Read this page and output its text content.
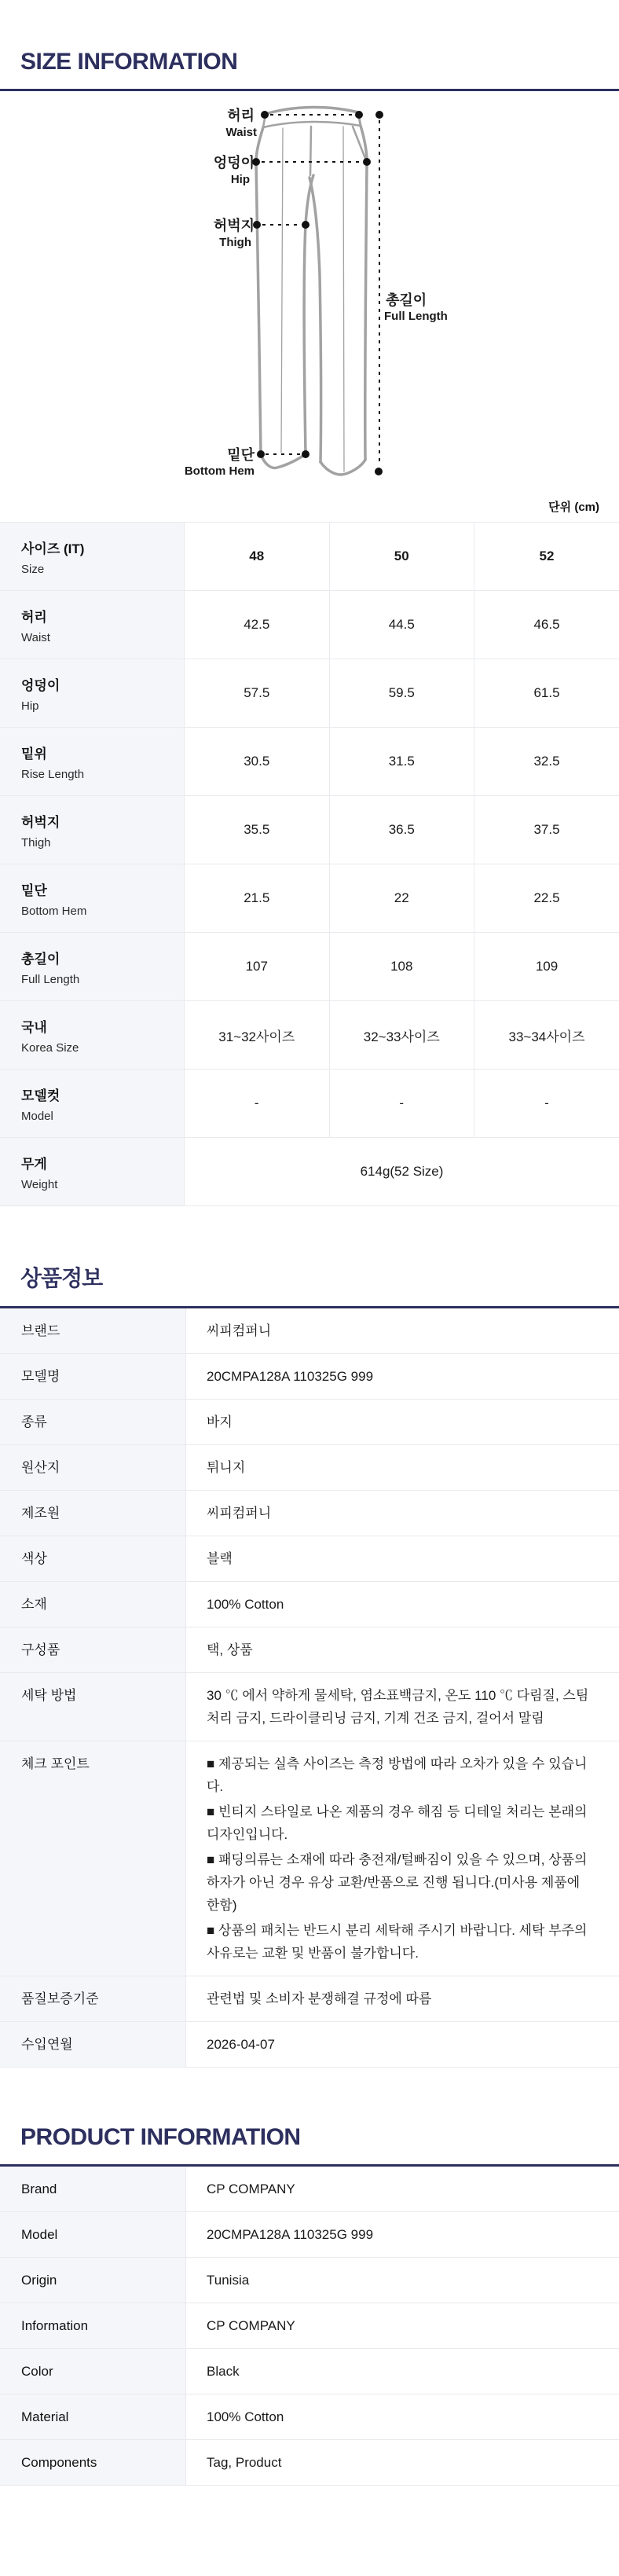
SIZE INFORMATION
허리
Waist
엉덩이
Hip
허벅지
Thigh
밑단
Bottom Hem
총길이
Full Length
단위 (cm)
사이즈 (IT)
Size	48	50	52

허리
Waist	42.5	44.5	46.5

엉덩이
Hip	57.5	59.5	61.5

밑위
Rise Length	30.5	31.5	32.5

허벅지
Thigh	35.5	36.5	37.5

밑단
Bottom Hem	21.5	22	22.5

총길이
Full Length	107	108	109

국내
Korea Size	31~32사이즈	32~33사이즈	33~34사이즈

모델컷
Model	-	-	-

무게
Weight	614g(52 Size)		
상품정보
브랜드	씨피컴퍼니
모델명	20CMPA128A 110325G 999
종류	바지
원산지	튀니지
제조원	씨피컴퍼니
색상	블랙
소재	100% Cotton
구성품	택, 상품
세탁 방법	30 ℃ 에서 약하게 물세탁, 염소표백금지, 온도 110 ℃ 다림질, 스팀처리 금지, 드라이클리닝 금지, 기계 건조 금지, 걸어서 말림
체크 포인트	■ 제공되는 실측 사이즈는 측정 방법에 따라 오차가 있을 수 있습니다.
■ 빈티지 스타일로 나온 제품의 경우 해짐 등 디테일 처리는 본래의 디자인입니다.
■ 패딩의류는 소재에 따라 충전재/털빠짐이 있을 수 있으며, 상품의 하자가 아닌 경우 유상 교환/반품으로 진행 됩니다.(미사용 제품에 한함)
■ 상품의 패치는 반드시 분리 세탁해 주시기 바랍니다. 세탁 부주의 사유로는 교환 및 반품이 불가합니다.

품질보증기준	관련법 및 소비자 분쟁해결 규정에 따름
수입연월	2026-04-07
PRODUCT INFORMATION
Brand	CP COMPANY
Model	20CMPA128A 110325G 999
Origin	Tunisia
Information	CP COMPANY
Color	Black
Material	100% Cotton
Components	Tag, Product
